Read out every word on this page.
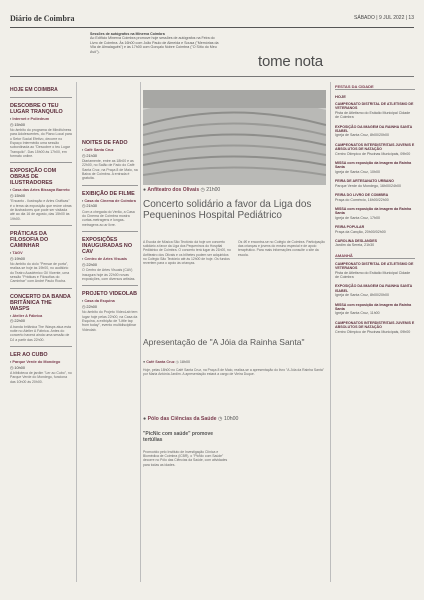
Diário de Coimbra	SÁBADO | 9 JUL 2022 | 13
Sessões de autógrafos na Minerva Coimbra
Ao Edifício Minerva Coimbra promove hoje sessões de autógrafos na Feira do Livro de Coimbra. Às 16h00 com João Paulo de Almeida e Sousa ("Memórias da Vila de Almalaguês") e às 17h00 com Gonçalo Nobre Coimbra ("O Sítio do Meu Avô").
tome nota
HOJE EM COIMBRA
DESCOBRE O TEU LUGAR TRANQUILO
▪ Internet e Poliedrum
◷ 15h00
No âmbito do programa de Mindfulness para Adolescentes, do Plano Local para o Setor Social Efetivo, decorre no Espaço Intermédio uma sessão subordinada ao "Descobre o teu Lugar Tranquilo". Das 15h00 às 17h00, em formato online.
EXPOSIÇÃO COM OBRAS DE ILUSTRADORES
▪ Casa das Artes Bissaya Barreto
◷ 15h00
"Encanto - Ilustração e Artes Gráficas" é o tema da exposição que reúne obras de ilustradores que pode ser visitada até ao dia 16 de agosto, das 15h00 às 19h00.
PRÁTICAS DA FILOSOFIA DO CAMINHAR
▪ TAGV
◷ 19h00
No âmbito do ciclo "Pensar de porta", realiza-se hoje às 19h00, no auditório do Teatro Académico Gil Vicente, uma sessão "Práticas e Filosofias do Caminhar" com André Paulo Rocha.
CONCERTO DA BANDA BRITÂNICA THE WASPS
▪ Atelier A Fábrica
◷ 22h00
A banda britânica The Wasps atua esta noite no Atelier A Fábrica. Antes do concerto haverá ainda uma sessão de DJ a partir das 22h00.
LER AO CUBO
▪ Parque Verde do Mondego
◷ 10h00
A biblioteca de jardim "Ler ao Cubo", no Parque Verde do Mondego, funciona das 10h00 às 20h00.
NOITES DE FADO
▪ Café Santa Cruz
◷ 21h30
Diariamente, entre as 18h00 e as 22h00, no Salão de Fado do Café Santa Cruz, na Praça 8 de Maio, na Baixa de Coimbra. A entrada é gratuita.
EXIBIÇÃO DE FILME
▪ Casa do Cinema de Coimbra
◷ 21h30
Com a chegada do Verão, a Casa do Cinema de Coimbra mostra curtas-metragens e longas-metragens ao ar livre.
EXPOSIÇÕES INAUGURADAS NO CAV
▪ Centro de Artes Visuais
◷ 22h00
O Centro de Artes Visuais (CAV) inaugura hoje às 22h00 novas exposições, com diversos artistas.
PROJETO VIDEOLAB
▪ Casa da Esquina
◷ 22h00
No âmbito do Projeto VideoLab tem lugar hoje pelas 22h00, na Casa da Esquina, a exibição de "Little tap from today", evento multidisciplinar Videolab.
● Anfiteatro dos Olivais ◷ 21h00
Concerto solidário a favor da Liga dos Pequeninos Hospital Pediátrico
A Escola de Música São Teotónio dá hoje um concerto solidário a favor da Liga dos Pequeninos do Hospital Pediátrico de Coimbra. O concerto terá lugar às 21h00, no Anfiteatro dos Olivais e os bilhetes podem ser adquiridos no Colégio São Teotónio até às 12h00 de hoje. Os fundos revertem para o apoio às crianças.
Os 4€ e encontra-se no Colégio de Coimbra. Participação das crianças e jovens do ensino especial e de apoio terapêutico. Para mais informações consulte o site da escola.
Apresentação de "A Jóia da Rainha Santa"
● Café Santa Cruz ◷ 18h00
Hoje, pelas 18h00 no Café Santa Cruz, na Praça 8 de Maio, realiza-se a apresentação do livro "A Jóia da Rainha Santa" por Maria Antónia Jardim. A apresentação estará a cargo de Vieira Duque.
● Pólo das Ciências da Saúde ◷ 10h00
"PicNic com saúde" promove tertúlias
Promovido pelo Instituto de Investigação Clínica e Biomédica de Coimbra (iCBR), o "PicNic com Saúde" decorre no Pólo das Ciências da Saúde, com atividades para todas as idades.
FESTAS DA CIDADE
HOJE
CAMPEONATO DISTRITAL DE ATLETISMO DE VETERANOS
Pista de Atletismo do Estádio Municipal Cidade de Coimbra
EXPOSIÇÃO DA IMAGEM DA RAINHA SANTA ISABEL
Igreja de Santa Cruz, 8h00/20h00
CAMPEONATOS INTERDISTRITAIS JUVENIS E ABSOLUTOS DE NATAÇÃO
Centro Olímpico de Piscinas Municipais, 09h00
MISSA com exposição da Imagem da Rainha Santa
Igreja de Santa Cruz, 10h00
FEIRA DE ARTESANATO URBANO
Parque Verde do Mondego, 16h00/24h00
FEIRA DO LIVRO DE COIMBRA
Praça do Comércio, 16h00/22h00
MISSA com exposição da Imagem da Rainha Santa
Igreja de Santa Cruz, 17h00
FEIRA POPULAR
Praça da Canção, 20h00/02h00
CAROLINA DESLANDES
Jardim da Sereia, 21h30
AMANHÃ
CAMPEONATO DISTRITAL DE ATLETISMO DE VETERANOS
Pista de Atletismo do Estádio Municipal Cidade de Coimbra
EXPOSIÇÃO DA IMAGEM DA RAINHA SANTA ISABEL
Igreja de Santa Cruz, 8h00/20h00
MISSA com exposição da Imagem da Rainha Santa
Igreja de Santa Cruz, 11h00
CAMPEONATOS INTERDISTRITAIS JUVENIS E ABSOLUTOS DE NATAÇÃO
Centro Olímpico de Piscinas Municipais, 09h00
